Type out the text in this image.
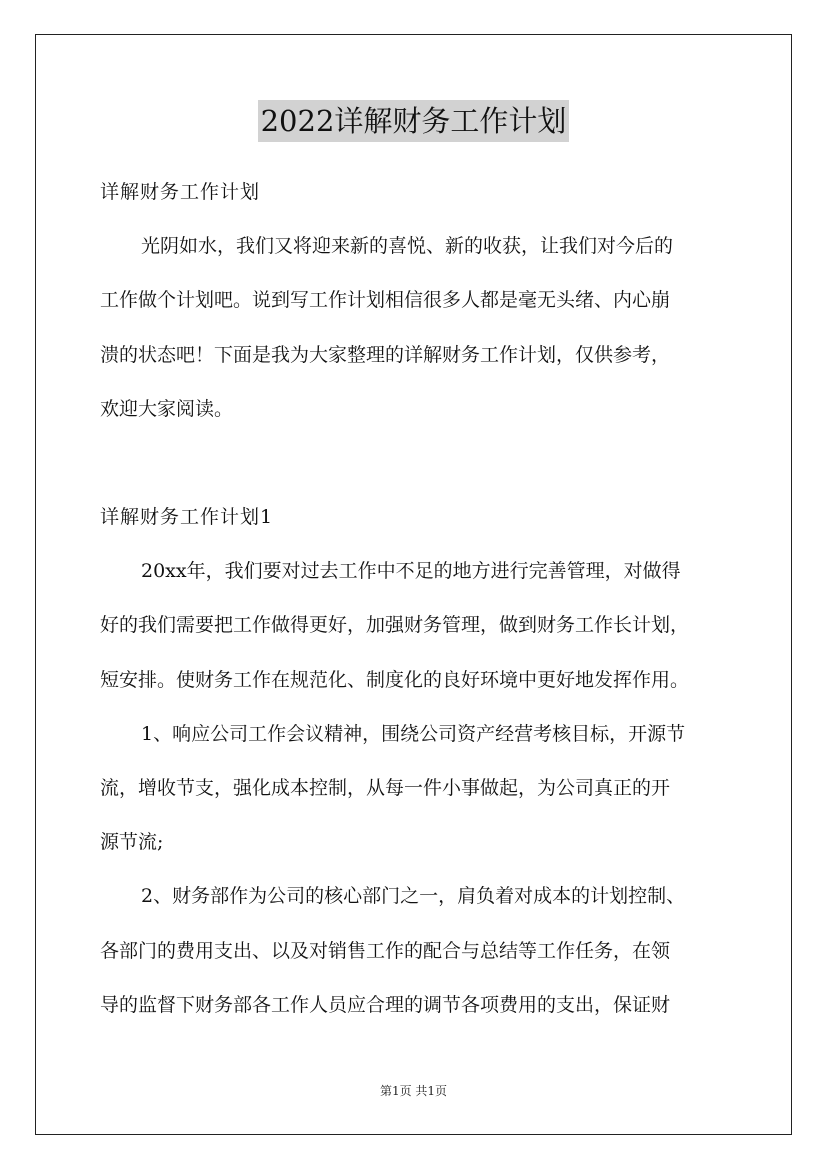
2022详解财务工作计划

详解财务工作计划

光阴如水，我们又将迎来新的喜悦、新的收获，让我们对今后的

工作做个计划吧。说到写工作计划相信很多人都是毫无头绪、内心崩

溃的状态吧！下面是我为大家整理的详解财务工作计划，仅供参考，

欢迎大家阅读。

详解财务工作计划1

20xx年，我们要对过去工作中不足的地方进行完善管理，对做得

好的我们需要把工作做得更好，加强财务管理，做到财务工作长计划，

短安排。使财务工作在规范化、制度化的良好环境中更好地发挥作用。

1、响应公司工作会议精神，围绕公司资产经营考核目标，开源节

流，增收节支，强化成本控制，从每一件小事做起，为公司真正的开

源节流;

2、财务部作为公司的核心部门之一，肩负着对成本的计划控制、

各部门的费用支出、以及对销售工作的配合与总结等工作任务，在领

导的监督下财务部各工作人员应合理的调节各项费用的支出，保证财

第1页 共1页
